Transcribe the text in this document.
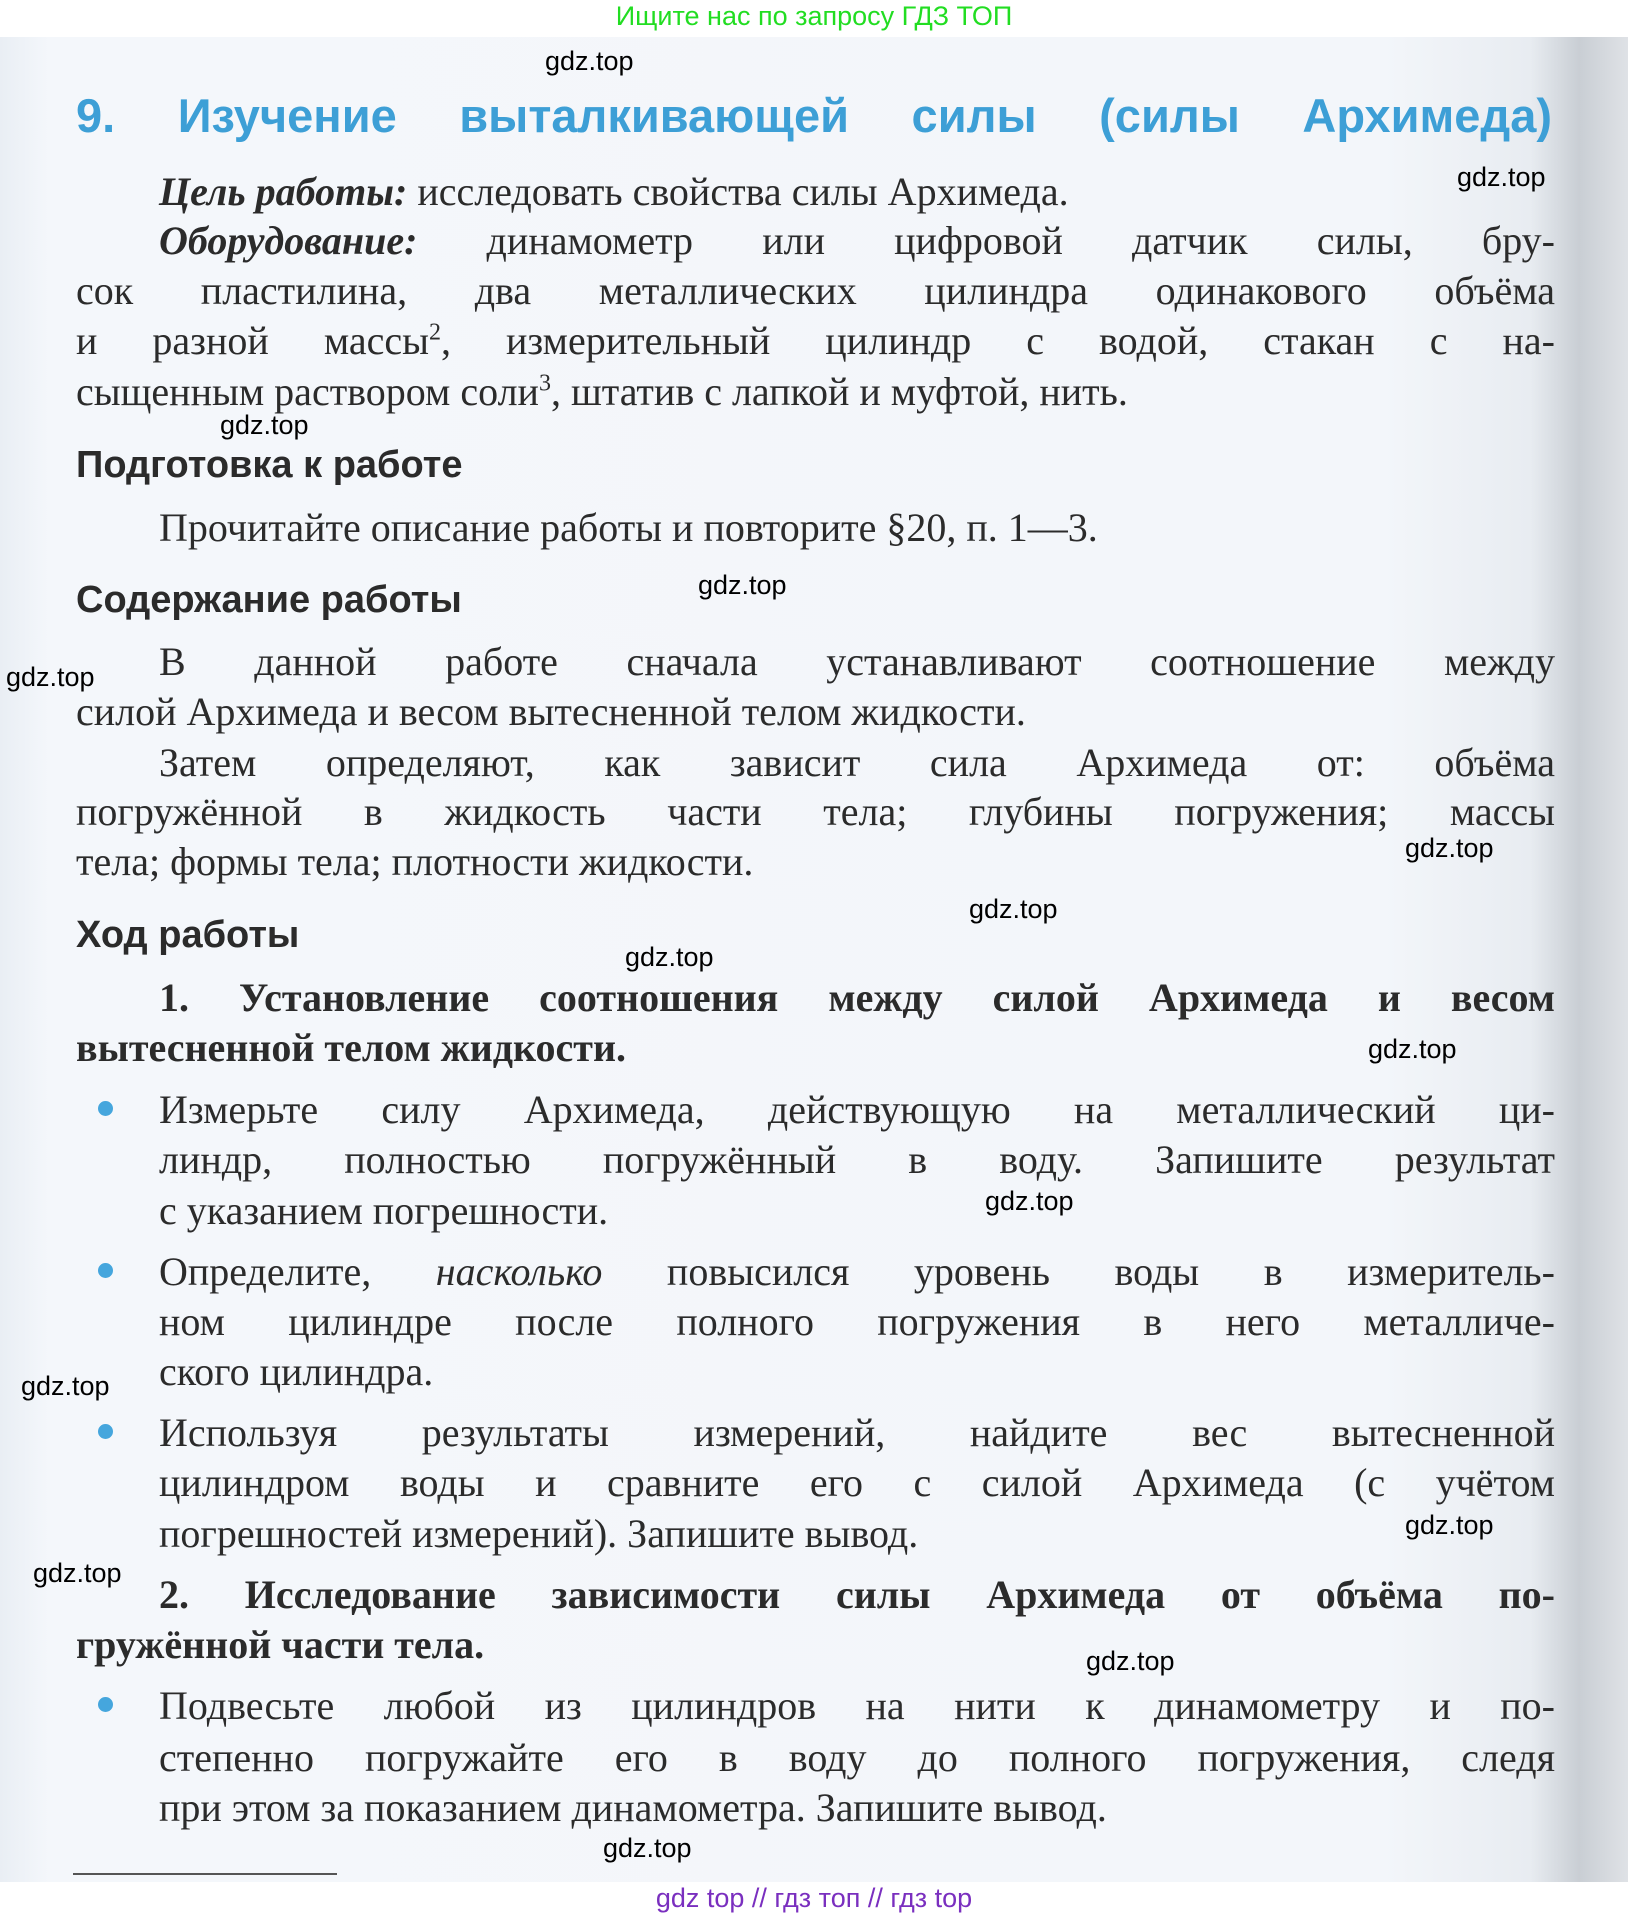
Ищите нас по запросу ГДЗ ТОП
9. Изучение выталкивающей силы (силы Архимеда)
Цель работы: исследовать свойства силы Архимеда.
Оборудование: динамометр или цифровой датчик силы, бру-
сок пластилина, два металлических цилиндра одинакового объёма
и разной массы$^2$, измерительный цилиндр с водой, стакан с на-
сыщенным раствором соли$^3$, штатив с лапкой и муфтой, нить.
Подготовка к работе
Прочитайте описание работы и повторите §20, п. 1—3.
Содержание работы
В данной работе сначала устанавливают соотношение между
силой Архимеда и весом вытесненной телом жидкости.
Затем определяют, как зависит сила Архимеда от: объёма
погружённой в жидкость части тела; глубины погружения; массы
тела; формы тела; плотности жидкости.
Ход работы
1. Установление соотношения между силой Архимеда и весом
вытесненной телом жидкости.
Измерьте силу Архимеда, действующую на металлический ци-
линдр, полностью погружённый в воду. Запишите результат
с указанием погрешности.
Определите, насколько повысился уровень воды в измеритель-
ном цилиндре после полного погружения в него металличе-
ского цилиндра.
Используя результаты измерений, найдите вес вытесненной
цилиндром воды и сравните его с силой Архимеда (с учётом
погрешностей измерений). Запишите вывод.
2. Исследование зависимости силы Архимеда от объёма по-
гружённой части тела.
Подвесьте любой из цилиндров на нити к динамометру и по-
степенно погружайте его в воду до полного погружения, следя
при этом за показанием динамометра. Запишите вывод.
gdz.top
gdz.top
gdz.top
gdz.top
gdz.top
gdz.top
gdz.top
gdz.top
gdz.top
gdz.top
gdz.top
gdz.top
gdz.top
gdz.top
gdz.top
gdz top // гдз топ // гдз top
